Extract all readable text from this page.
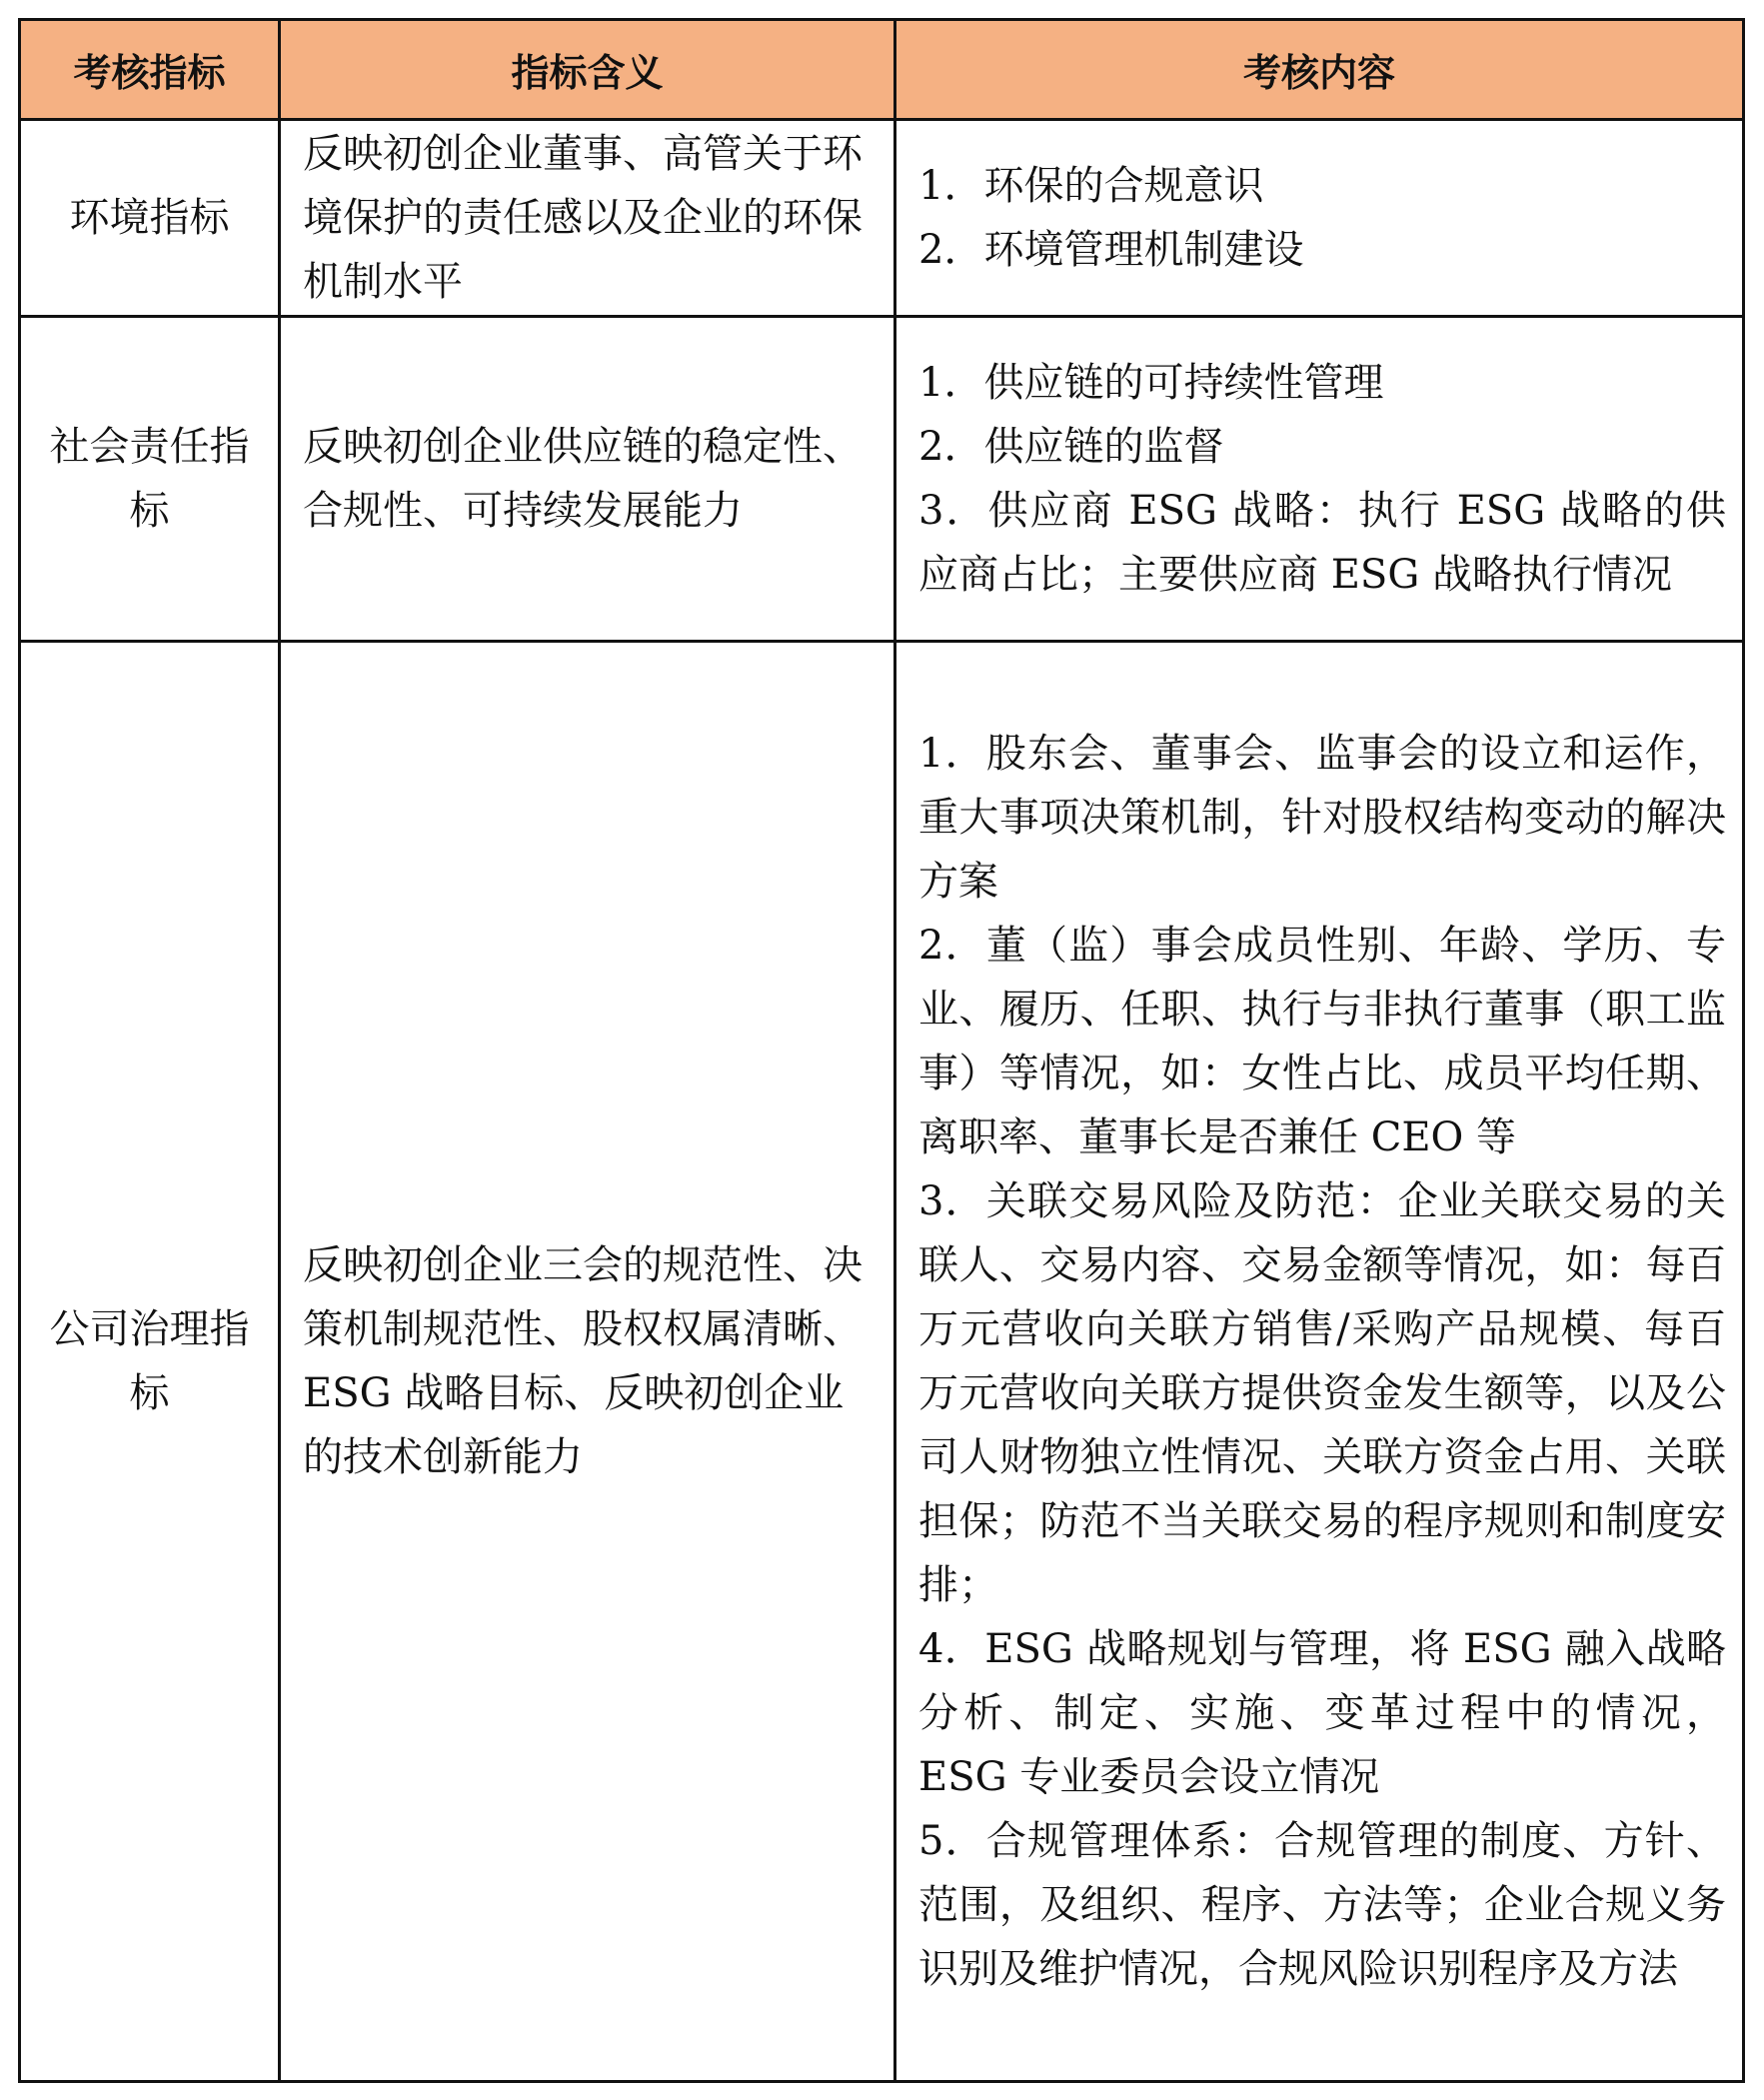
考核指标	指标含义	考核内容
环境指标	反映初创企业董事、高管关于环境保护的责任感以及企业的环保机制水平	1．环保的合规意识
2．环境管理机制建设

社会责任指标	反映初创企业供应链的稳定性、合规性、可持续发展能力	1．供应链的可持续性管理
2．供应链的监督
3．供应商 ESG 战略：执行 ESG 战略的供应商占比；主要供应商 ESG 战略执行情况

公司治理指标	反映初创企业三会的规范性、决策机制规范性、股权权属清晰、ESG 战略目标、反映初创企业的技术创新能力	1．股东会、董事会、监事会的设立和运作，重大事项决策机制，针对股权结构变动的解决方案
2．董（监）事会成员性别、年龄、学历、专业、履历、任职、执行与非执行董事（职工监事）等情况，如：女性占比、成员平均任期、离职率、董事长是否兼任 CEO 等
3．关联交易风险及防范：企业关联交易的关联人、交易内容、交易金额等情况，如：每百万元营收向关联方销售/采购产品规模、每百万元营收向关联方提供资金发生额等，以及公司人财物独立性情况、关联方资金占用、关联担保；防范不当关联交易的程序规则和制度安排；
4．ESG 战略规划与管理，将 ESG 融入战略分析、制定、实施、变革过程中的情况，ESG 专业委员会设立情况
5．合规管理体系：合规管理的制度、方针、范围，及组织、程序、方法等；企业合规义务识别及维护情况，合规风险识别程序及方法
